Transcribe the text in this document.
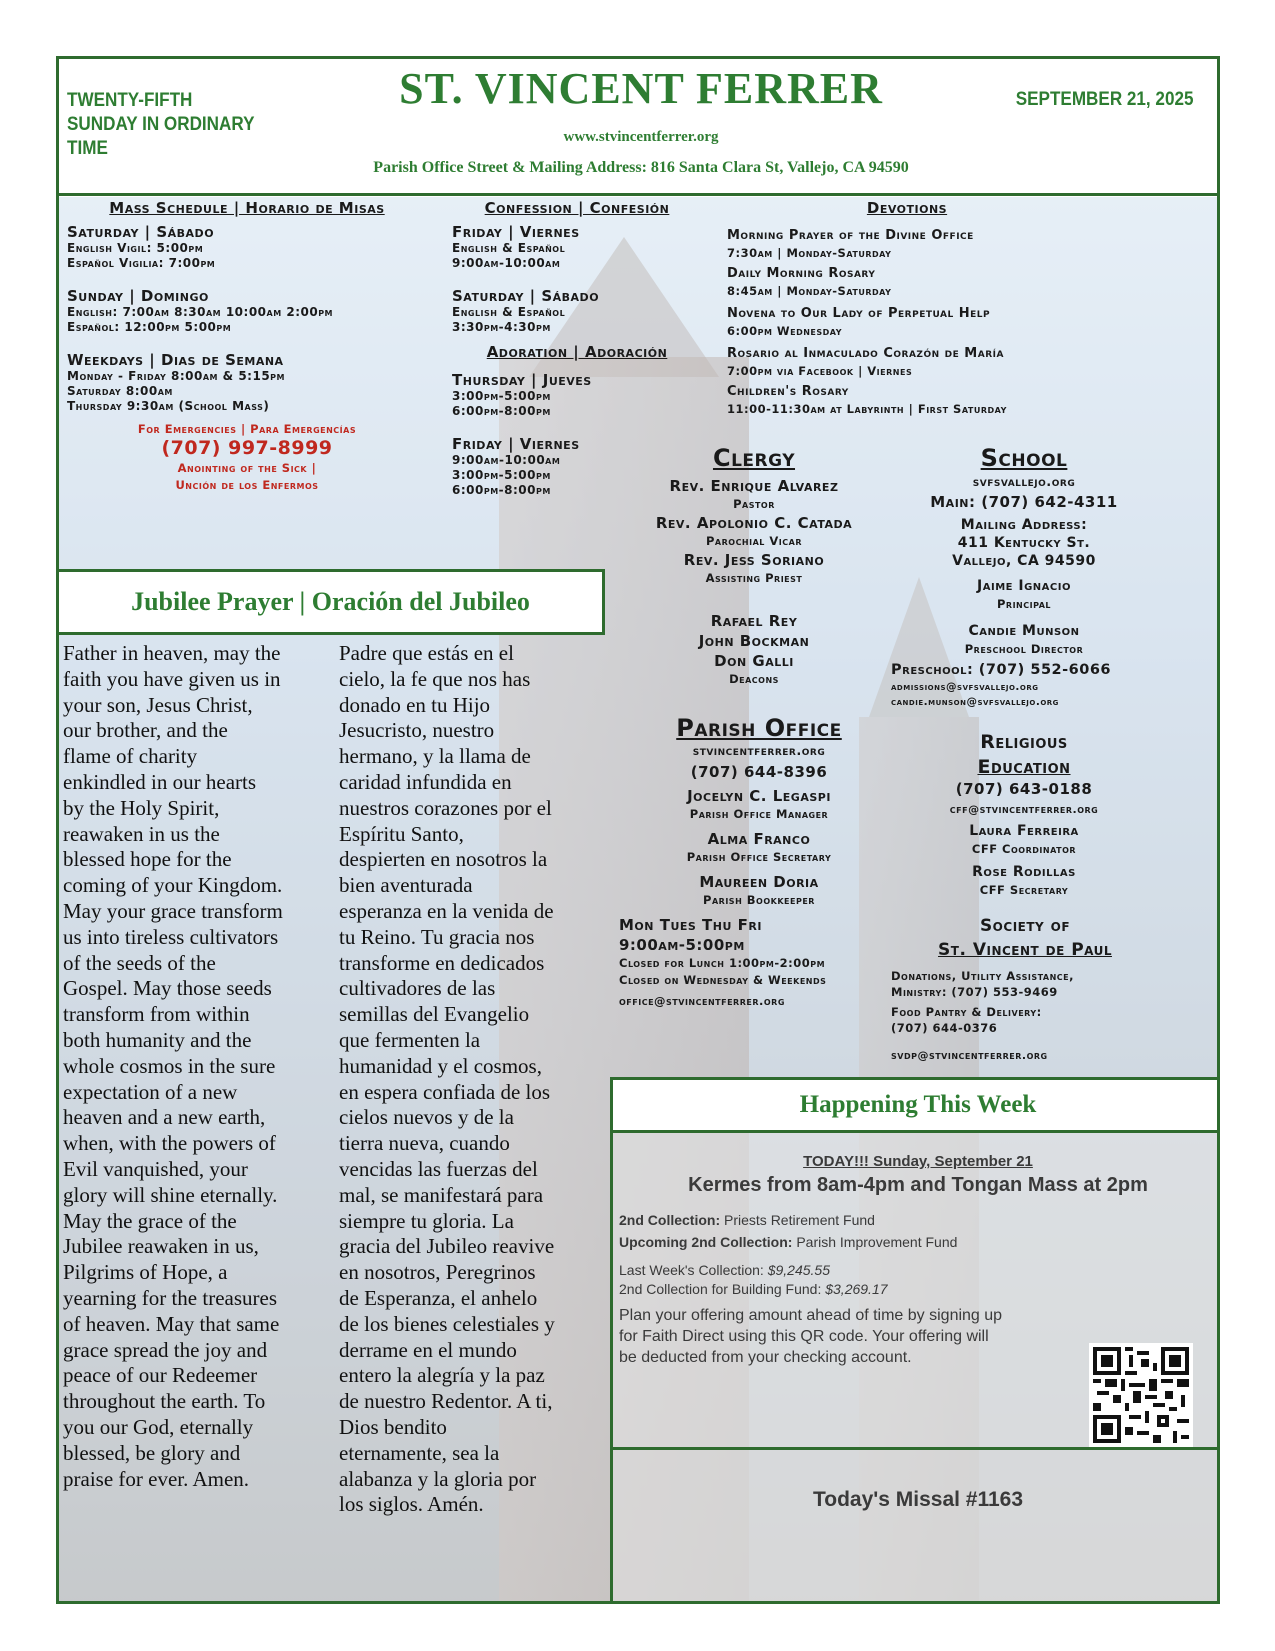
TWENTY-FIFTH SUNDAY IN ORDINARY TIME
ST. VINCENT FERRER	SEPTEMBER 21, 2025
www.stvincentferrer.org
Parish Office Street & Mailing Address: 816 Santa Clara St, Vallejo, CA 94590
Mass Schedule | Horario de Misas
Saturday | Sábado
English Vigil: 5:00pm
Español Vigilia: 7:00pm
Sunday | Domingo
English: 7:00am 8:30am 10:00am 2:00pm
Español: 12:00pm 5:00pm
Weekdays | Dias de Semana
Monday - Friday 8:00am & 5:15pm
Saturday 8:00am
Thursday 9:30am (School Mass)
For Emergencies | Para Emergencías
(707) 997-8999
Anointing of the Sick |
Unción de los Enfermos
Confession | Confesión
Friday | Viernes
English & Español
9:00am-10:00am
Saturday | Sábado
English & Español
3:30pm-4:30pm
Adoration | Adoración
Thursday | Jueves
3:00pm-5:00pm
6:00pm-8:00pm
Friday | Viernes
9:00am-10:00am
3:00pm-5:00pm
6:00pm-8:00pm
Devotions
Morning Prayer of the Divine Office
7:30am | Monday-Saturday
Daily Morning Rosary
8:45am | Monday-Saturday
Novena to Our Lady of Perpetual Help
6:00pm Wednesday
Rosario al Inmaculado Corazón de María
7:00pm via Facebook | Viernes
Children's Rosary
11:00-11:30am at Labyrinth | First Saturday
Clergy
Rev. Enrique Alvarez
Pastor
Rev. Apolonio C. Catada
Parochial Vicar
Rev. Jess Soriano
Assisting Priest
Rafael Rey
John Bockman
Don Galli
Deacons
Parish Office
stvincentferrer.org
(707) 644-8396
Jocelyn C. Legaspi
Parish Office Manager
Alma Franco
Parish Office Secretary
Maureen Doria
Parish Bookkeeper
Mon Tues Thu Fri
9:00am-5:00pm
Closed for Lunch 1:00pm-2:00pm
Closed on Wednesday & Weekends
office@stvincentferrer.org
School
svfsvallejo.org
Main: (707) 642-4311
Mailing Address:
411 Kentucky St.
Vallejo, CA 94590
Jaime Ignacio
Principal
Candie Munson
Preschool Director
Preschool: (707) 552-6066
admissions@svfsvallejo.org
candie.munson@svfsvallejo.org
Religious
Education
(707) 643-0188
cff@stvincentferrer.org
Laura Ferreira
CFF Coordinator
Rose Rodillas
CFF Secretary
Society of
St. Vincent de Paul
Donations, Utility Assistance,
Ministry: (707) 553-9469
Food Pantry & Delivery:
(707) 644-0376
svdp@stvincentferrer.org
Jubilee Prayer | Oración del Jubileo
Father in heaven, may the
faith you have given us in
your son, Jesus Christ,
our brother, and the
flame of charity
enkindled in our hearts
by the Holy Spirit,
reawaken in us the
blessed hope for the
coming of your Kingdom.
May your grace transform
us into tireless cultivators
of the seeds of the
Gospel. May those seeds
transform from within
both humanity and the
whole cosmos in the sure
expectation of a new
heaven and a new earth,
when, with the powers of
Evil vanquished, your
glory will shine eternally.
May the grace of the
Jubilee reawaken in us,
Pilgrims of Hope, a
yearning for the treasures
of heaven. May that same
grace spread the joy and
peace of our Redeemer
throughout the earth. To
you our God, eternally
blessed, be glory and
praise for ever. Amen.
Padre que estás en el
cielo, la fe que nos has
donado en tu Hijo
Jesucristo, nuestro
hermano, y la llama de
caridad infundida en
nuestros corazones por el
Espíritu Santo,
despierten en nosotros la
bien aventurada
esperanza en la venida de
tu Reino. Tu gracia nos
transforme en dedicados
cultivadores de las
semillas del Evangelio
que fermenten la
humanidad y el cosmos,
en espera confiada de los
cielos nuevos y de la
tierra nueva, cuando
vencidas las fuerzas del
mal, se manifestará para
siempre tu gloria. La
gracia del Jubileo reavive
en nosotros, Peregrinos
de Esperanza, el anhelo
de los bienes celestiales y
derrame en el mundo
entero la alegría y la paz
de nuestro Redentor. A ti,
Dios bendito
eternamente, sea la
alabanza y la gloria por
los siglos. Amén.
Happening This Week
TODAY!!! Sunday, September 21
Kermes from 8am-4pm and Tongan Mass at 2pm
2nd Collection: Priests Retirement Fund
Upcoming 2nd Collection: Parish Improvement Fund
Last Week's Collection: $9,245.55
2nd Collection for Building Fund: $3,269.17
Plan your offering amount ahead of time by signing up for Faith Direct using this QR code. Your offering will be deducted from your checking account.
Today's Missal #1163
